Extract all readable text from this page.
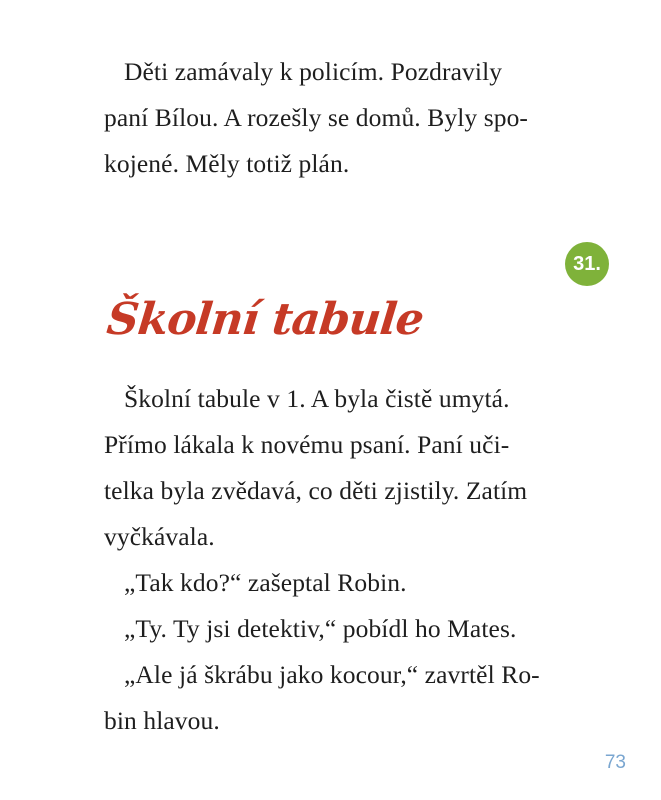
Děti zamávaly k policím. Pozdravily
paní Bílou. A rozešly se domů. Byly spo-
kojené. Měly totiž plán.

31.
Školní tabule

Školní tabule v 1. A byla čistě umytá.
Přímo lákala k novému psaní. Paní uči-
telka byla zvědavá, co děti zjistily. Zatím
vyčkávala.
„Tak kdo?“ zašeptal Robin.
„Ty. Ty jsi detektiv,“ pobídl ho Mates.
„Ale já škrábu jako kocour,“ zavrtěl Ro-
bin hlavou.

73
